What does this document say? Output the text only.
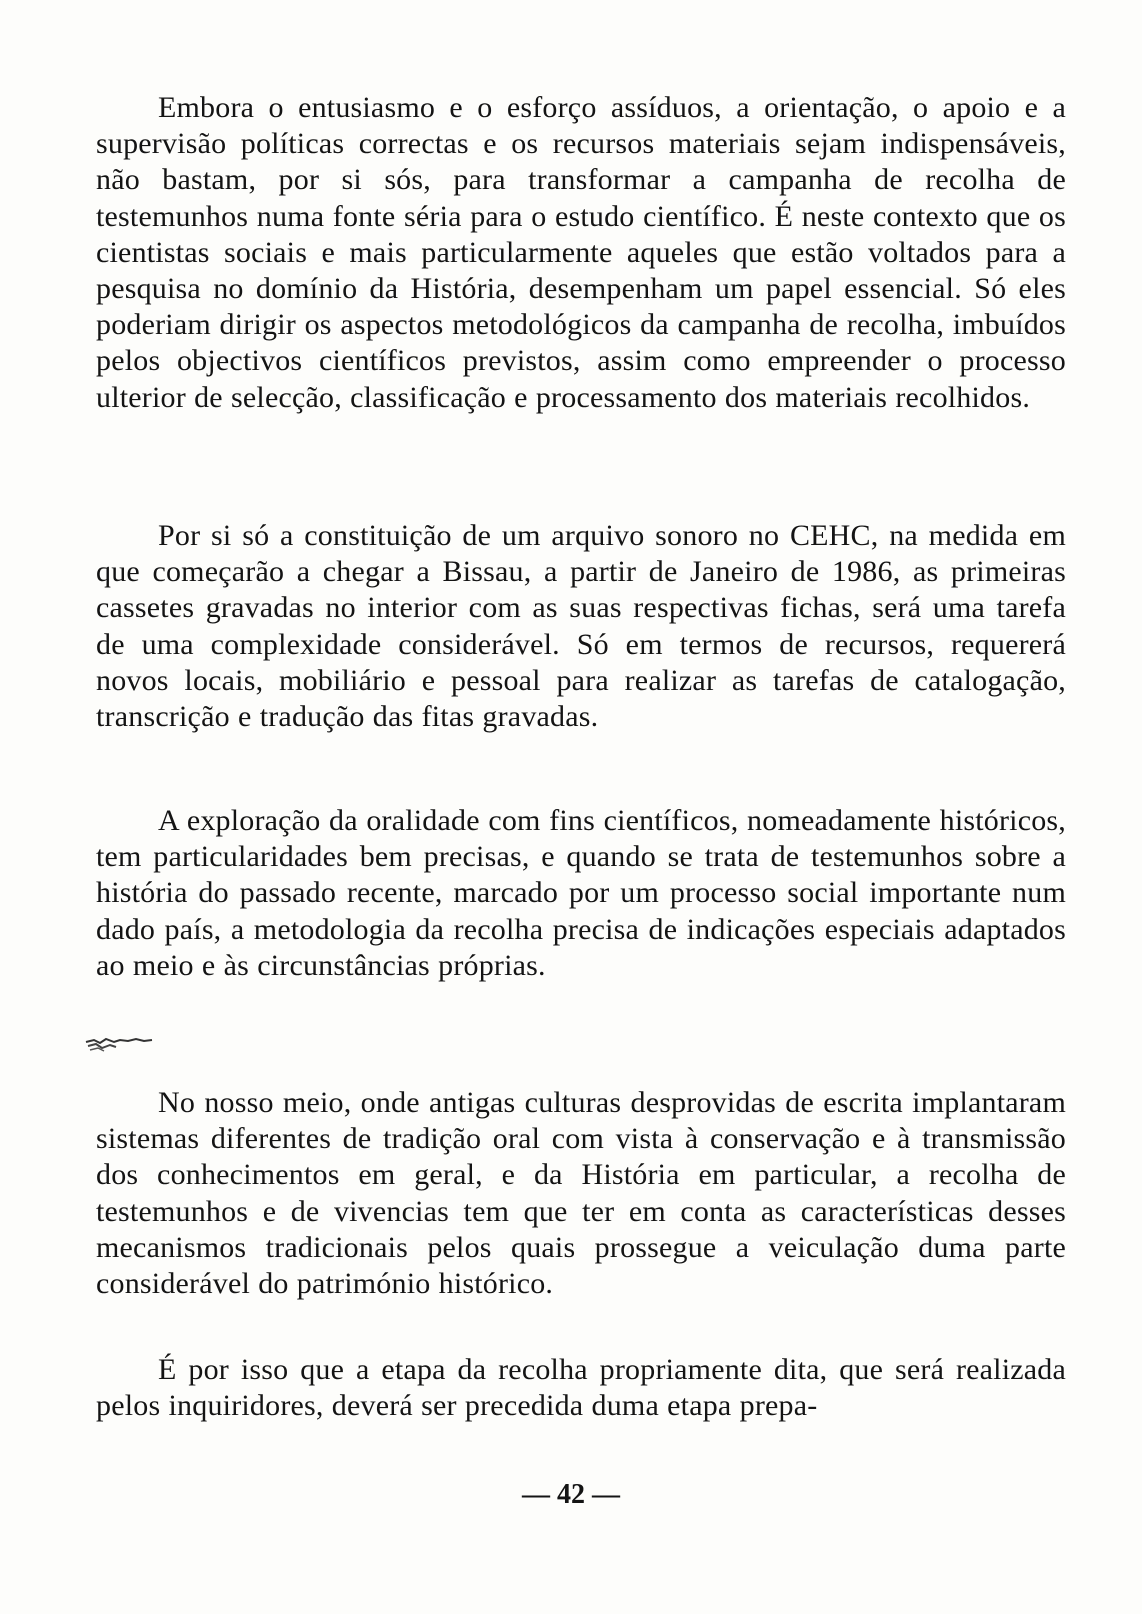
Embora o entusiasmo e o esforço assíduos, a orientação, o apoio e a supervisão políticas correctas e os recursos materiais sejam indispensáveis, não bastam, por si sós, para transformar a campanha de recolha de testemunhos numa fonte séria para o estudo científico. É neste contexto que os cientistas sociais e mais particularmente aqueles que estão voltados para a pesquisa no domínio da História, desempenham um papel essencial. Só eles poderiam dirigir os aspectos metodológicos da campanha de recolha, imbuídos pelos objectivos científicos previstos, assim como empreender o processo ulterior de selecção, classificação e processamento dos materiais recolhidos.

Por si só a constituição de um arquivo sonoro no CEHC, na medida em que começarão a chegar a Bissau, a partir de Janeiro de 1986, as primeiras cassetes gravadas no interior com as suas respectivas fichas, será uma tarefa de uma complexidade considerável. Só em termos de recursos, requererá novos locais, mobiliário e pessoal para realizar as tarefas de catalogação, transcrição e tradução das fitas gravadas.

A exploração da oralidade com fins científicos, nomeadamente históricos, tem particularidades bem precisas, e quando se trata de testemunhos sobre a história do passado recente, marcado por um processo social importante num dado país, a metodologia da recolha precisa de indicações especiais adaptados ao meio e às circunstâncias próprias.

No nosso meio, onde antigas culturas desprovidas de escrita implantaram sistemas diferentes de tradição oral com vista à conservação e à transmissão dos conhecimentos em geral, e da História em particular, a recolha de testemunhos e de vivencias tem que ter em conta as características desses mecanismos tradicionais pelos quais prossegue a veiculação duma parte considerável do património histórico.

É por isso que a etapa da recolha propriamente dita, que será realizada pelos inquiridores, deverá ser precedida duma etapa prepa-

— 42 —
